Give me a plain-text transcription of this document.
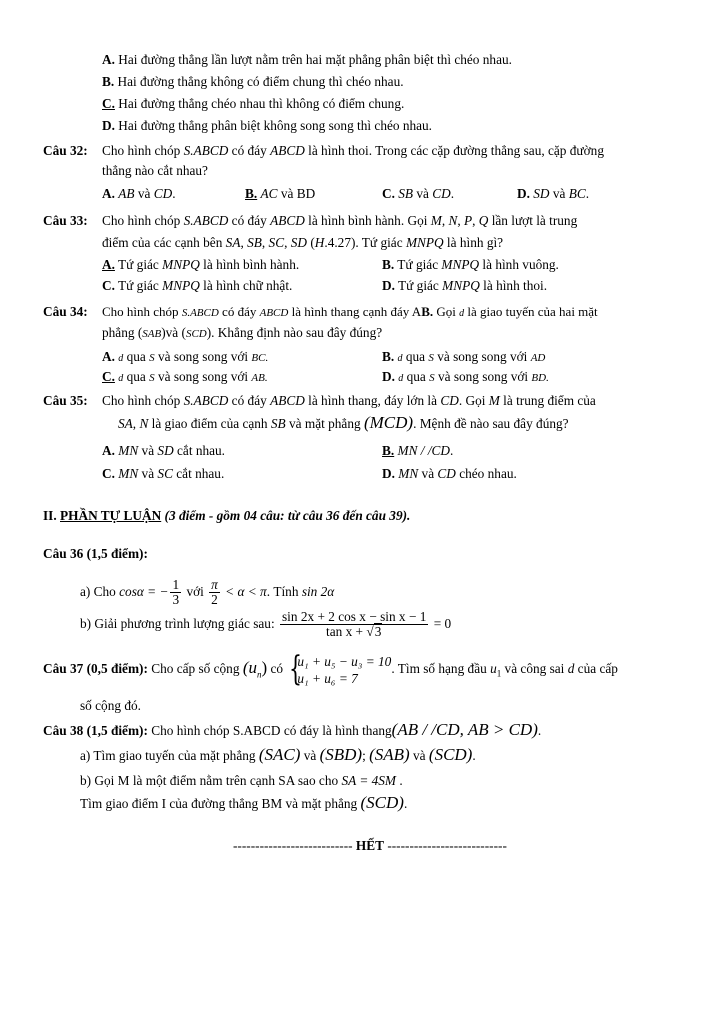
A. Hai đường thẳng lần lượt nằm trên hai mặt phẳng phân biệt thì chéo nhau.
B. Hai đường thẳng không có điểm chung thì chéo nhau.
C. Hai đường thẳng chéo nhau thì không có điểm chung.
D. Hai đường thẳng phân biệt không song song thì chéo nhau.
Câu 32: Cho hình chóp S.ABCD có đáy ABCD là hình thoi. Trong các cặp đường thẳng sau, cặp đường
thẳng nào cắt nhau?
A. AB và CD.	B. AC và BD	C. SB và CD.	D. SD và BC.
Câu 33: Cho hình chóp S.ABCD có đáy ABCD là hình bình hành. Gọi M, N, P, Q lần lượt là trung
điểm của các cạnh bên SA, SB, SC, SD (H.4.27). Tứ giác MNPQ là hình gì?
A. Tứ giác MNPQ là hình bình hành.	B. Tứ giác MNPQ là hình vuông.
C. Tứ giác MNPQ là hình chữ nhật.	D. Tứ giác MNPQ là hình thoi.
Câu 34: Cho hình chóp S.ABCD có đáy ABCD là hình thang cạnh đáy AB. Gọi d là giao tuyến của hai mặt
phẳng (SAB)và (SCD). Khẳng định nào sau đây đúng?
A. d qua S và song song với BC.	B. d qua S và song song với AD
C. d qua S và song song với AB.	D. d qua S và song song với BD.
Câu 35: Cho hình chóp S.ABCD có đáy ABCD là hình thang, đáy lớn là CD. Gọi M là trung điểm của
SA, N là giao điểm của cạnh SB và mặt phẳng (MCD). Mệnh đề nào sau đây đúng?
A. MN và SD cắt nhau.	B. MN / /CD.
C. MN và SC cắt nhau.	D. MN và CD chéo nhau.
II. PHẦN TỰ LUẬN (3 điểm - gồm 04 câu: từ câu 36 đến câu 39).
Câu 36 (1,5 điểm):
a) Cho cosα = − $\frac{1}{3}$ với $\frac{\pi}{2} < \alpha < \pi$. Tính sin 2α
b) Giải phương trình lượng giác sau: $\frac{\text{sin 2x + 2 cos x − sin x − 1}}{\text{tan x + √3}} = 0$
Câu 37 (0,5 điểm): Cho cấp số cộng $(u_n)$ có {
u₁ + u₅ − u₃ = 10
u₁ + u₆ = 7
. Tìm số hạng đầu $u_1$ và công sai d của cấp
số cộng đó.
Câu 38 (1,5 điểm): Cho hình chóp S.ABCD có đáy là hình thang(AB / /CD, AB > CD).
a) Tìm giao tuyến của mặt phẳng (SAC) và (SBD); (SAB) và (SCD).
b) Gọi M là một điểm nằm trên cạnh SA sao cho SA = 4SM .
Tìm giao điểm I của đường thẳng BM và mặt phẳng (SCD).
--------------------------- HẾT ---------------------------
